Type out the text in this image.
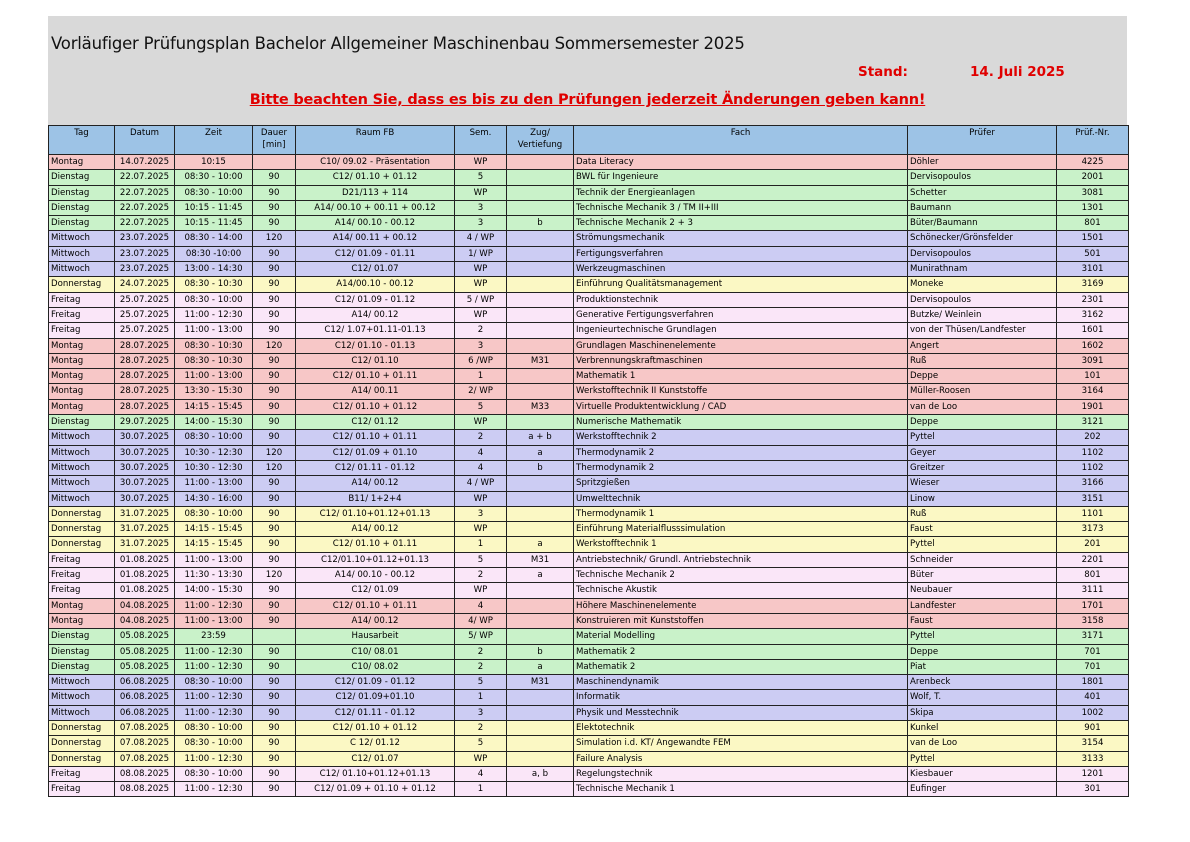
Vorläufiger Prüfungsplan Bachelor Allgemeiner Maschinenbau Sommersemester 2025
Stand:	14. Juli 2025
Bitte beachten Sie, dass es bis zu den Prüfungen jederzeit Änderungen geben kann!
Tag	Datum	Zeit	Dauer [min]	Raum FB	Sem.	Zug/ Vertiefung	Fach	Prüfer	Prüf.-Nr.
Montag	14.07.2025	10:15		C10/ 09.02 - Präsentation	WP		Data Literacy	Döhler	4225
Dienstag	22.07.2025	08:30 - 10:00	90	C12/ 01.10 + 01.12	5		BWL für Ingenieure	Dervisopoulos	2001
Dienstag	22.07.2025	08:30 - 10:00	90	D21/113 + 114	WP		Technik der Energieanlagen	Schetter	3081
Dienstag	22.07.2025	10:15 - 11:45	90	A14/ 00.10 + 00.11 + 00.12	3		Technische Mechanik 3 / TM II+III	Baumann	1301
Dienstag	22.07.2025	10:15 - 11:45	90	A14/ 00.10 - 00.12	3	b	Technische Mechanik 2 + 3	Büter/Baumann	801
Mittwoch	23.07.2025	08:30 - 14:00	120	A14/ 00.11 + 00.12	4 / WP		Strömungsmechanik	Schönecker/Grönsfelder	1501
Mittwoch	23.07.2025	08:30 -10:00	90	C12/ 01.09 - 01.11	1/ WP		Fertigungsverfahren	Dervisopoulos	501
Mittwoch	23.07.2025	13:00 - 14:30	90	C12/ 01.07	WP		Werkzeugmaschinen	Munirathnam	3101
Donnerstag	24.07.2025	08:30 - 10:30	90	A14/00.10 - 00.12	WP		Einführung Qualitätsmanagement	Moneke	3169
Freitag	25.07.2025	08:30 - 10:00	90	C12/ 01.09 - 01.12	5 / WP		Produktionstechnik	Dervisopoulos	2301
Freitag	25.07.2025	11:00 - 12:30	90	A14/ 00.12	WP		Generative Fertigungsverfahren	Butzke/ Weinlein	3162
Freitag	25.07.2025	11:00 - 13:00	90	C12/ 1.07+01.11-01.13	2		Ingenieurtechnische Grundlagen	von der Thüsen/Landfester	1601
Montag	28.07.2025	08:30 - 10:30	120	C12/ 01.10 - 01.13	3		Grundlagen Maschinenelemente	Angert	1602
Montag	28.07.2025	08:30 - 10:30	90	C12/ 01.10	6 /WP	M31	Verbrennungskraftmaschinen	Ruß	3091
Montag	28.07.2025	11:00 - 13:00	90	C12/ 01.10 + 01.11	1		Mathematik 1	Deppe	101
Montag	28.07.2025	13:30 - 15:30	90	A14/ 00.11	2/ WP		Werkstofftechnik II Kunststoffe	Müller-Roosen	3164
Montag	28.07.2025	14:15 - 15:45	90	C12/ 01.10 + 01.12	5	M33	Virtuelle Produktentwicklung / CAD	van de Loo	1901
Dienstag	29.07.2025	14:00 - 15:30	90	C12/ 01.12	WP		Numerische Mathematik	Deppe	3121
Mittwoch	30.07.2025	08:30 - 10:00	90	C12/ 01.10 + 01.11	2	a + b	Werkstofftechnik 2	Pyttel	202
Mittwoch	30.07.2025	10:30 - 12:30	120	C12/ 01.09 + 01.10	4	a	Thermodynamik 2	Geyer	1102
Mittwoch	30.07.2025	10:30 - 12:30	120	C12/ 01.11 - 01.12	4	b	Thermodynamik 2	Greitzer	1102
Mittwoch	30.07.2025	11:00 - 13:00	90	A14/ 00.12	4 / WP		Spritzgießen	Wieser	3166
Mittwoch	30.07.2025	14:30 - 16:00	90	B11/ 1+2+4	WP		Umwelttechnik	Linow	3151
Donnerstag	31.07.2025	08:30 - 10:00	90	C12/ 01.10+01.12+01.13	3		Thermodynamik 1	Ruß	1101
Donnerstag	31.07.2025	14:15 - 15:45	90	A14/ 00.12	WP		Einführung Materialflusssimulation	Faust	3173
Donnerstag	31.07.2025	14:15 - 15:45	90	C12/ 01.10 + 01.11	1	a	Werkstofftechnik 1	Pyttel	201
Freitag	01.08.2025	11:00 - 13:00	90	C12/01.10+01.12+01.13	5	M31	Antriebstechnik/ Grundl. Antriebstechnik	Schneider	2201
Freitag	01.08.2025	11:30 - 13:30	120	A14/ 00.10 - 00.12	2	a	Technische Mechanik 2	Büter	801
Freitag	01.08.2025	14:00 - 15:30	90	C12/ 01.09	WP		Technische Akustik	Neubauer	3111
Montag	04.08.2025	11:00 - 12:30	90	C12/ 01.10 + 01.11	4		Höhere Maschinenelemente	Landfester	1701
Montag	04.08.2025	11:00 - 13:00	90	A14/ 00.12	4/ WP		Konstruieren mit Kunststoffen	Faust	3158
Dienstag	05.08.2025	23:59		Hausarbeit	5/ WP		Material Modelling	Pyttel	3171
Dienstag	05.08.2025	11:00 - 12:30	90	C10/ 08.01	2	b	Mathematik 2	Deppe	701
Dienstag	05.08.2025	11:00 - 12:30	90	C10/ 08.02	2	a	Mathematik 2	Piat	701
Mittwoch	06.08.2025	08:30 - 10:00	90	C12/ 01.09 - 01.12	5	M31	Maschinendynamik	Arenbeck	1801
Mittwoch	06.08.2025	11:00 - 12:30	90	C12/ 01.09+01.10	1		Informatik	Wolf, T.	401
Mittwoch	06.08.2025	11:00 - 12:30	90	C12/ 01.11 - 01.12	3		Physik und Messtechnik	Skipa	1002
Donnerstag	07.08.2025	08:30 - 10:00	90	C12/ 01.10 + 01.12	2		Elektotechnik	Kunkel	901
Donnerstag	07.08.2025	08:30 - 10:00	90	C 12/ 01.12	5		Simulation i.d. KT/ Angewandte FEM	van de Loo	3154
Donnerstag	07.08.2025	11:00 - 12:30	90	C12/ 01.07	WP		Failure Analysis	Pyttel	3133
Freitag	08.08.2025	08:30 - 10:00	90	C12/ 01.10+01.12+01.13	4	a, b	Regelungstechnik	Kiesbauer	1201
Freitag	08.08.2025	11:00 - 12:30	90	C12/ 01.09 + 01.10 + 01.12	1		Technische Mechanik 1	Eufinger	301
